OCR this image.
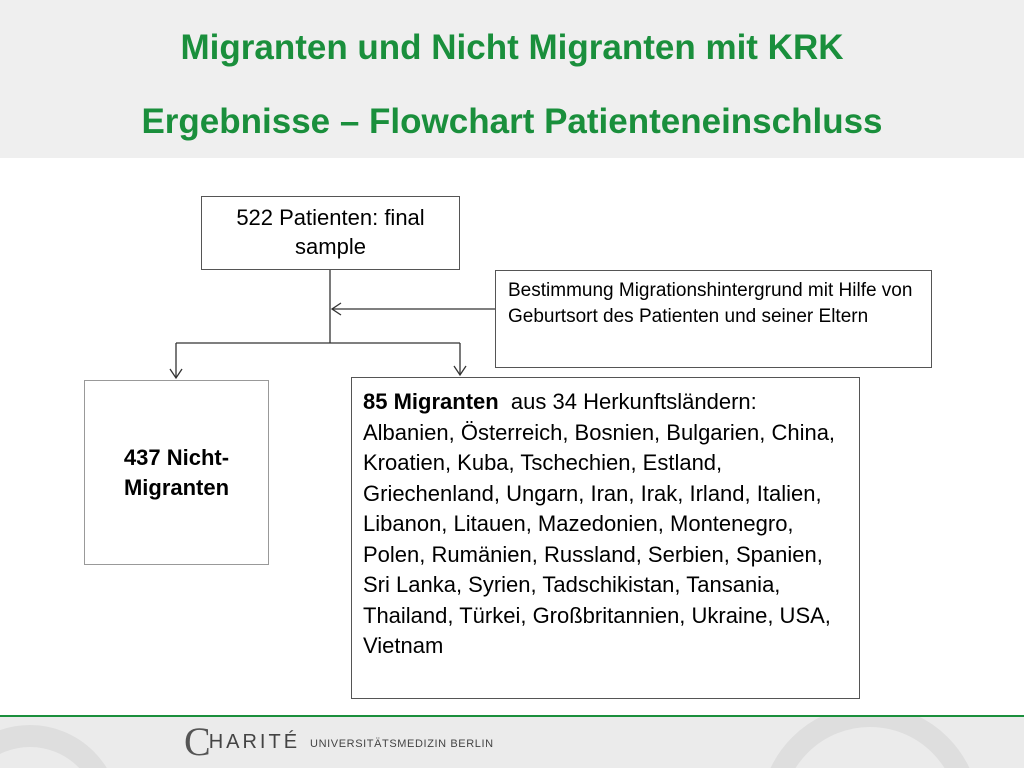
Migranten und Nicht Migranten mit KRK
Ergebnisse – Flowchart Patienteneinschluss
522 Patienten: final sample
Bestimmung Migrationshintergrund mit Hilfe von Geburtsort des Patienten und seiner Eltern
437 Nicht-
Migranten
85 Migranten  aus 34 Herkunftsländern: Albanien, Österreich, Bosnien, Bulgarien, China, Kroatien, Kuba, Tschechien, Estland, Griechenland, Ungarn, Iran, Irak, Irland, Italien, Libanon, Litauen, Mazedonien, Montenegro, Polen, Rumänien, Russland, Serbien, Spanien, Sri Lanka, Syrien, Tadschikistan, Tansania, Thailand, Türkei, Großbritannien, Ukraine, USA, Vietnam
C
HARITÉ UNIVERSITÄTSMEDIZIN BERLIN
